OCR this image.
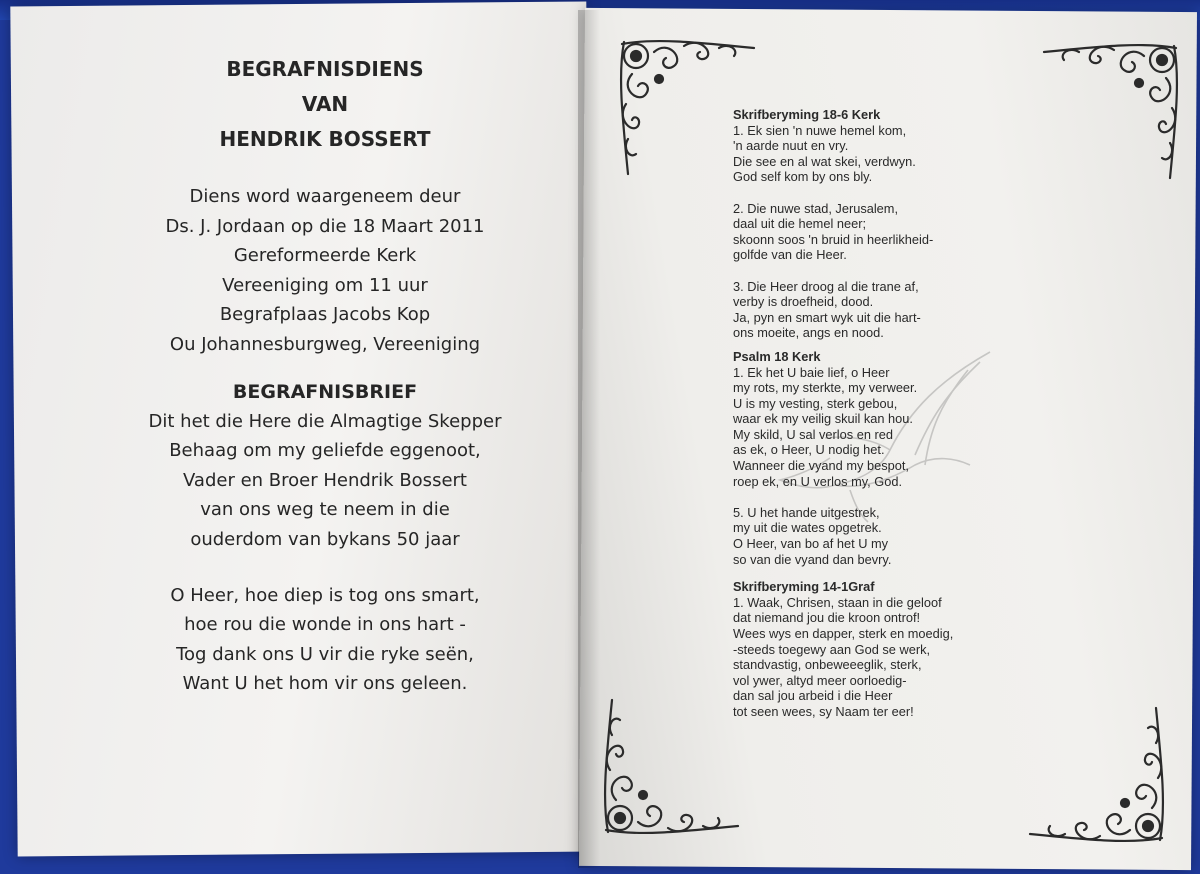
BEGRAFNISDIENS
VAN
HENDRIK BOSSERT
Diens word waargeneem deur
Ds. J. Jordaan op die 18 Maart 2011
Gereformeerde Kerk
Vereeniging om 11 uur
Begrafplaas Jacobs Kop
Ou Johannesburgweg, Vereeniging
BEGRAFNISBRIEF
Dit het die Here die Almagtige Skepper
Behaag om my geliefde eggenoot,
Vader en Broer Hendrik Bossert
van ons weg te neem in die
ouderdom van bykans 50 jaar
O Heer, hoe diep is tog ons smart,
hoe rou die wonde in ons hart -
Tog dank ons U vir die ryke seën,
Want U het hom vir ons geleen.
Skrifberyming 18-6 Kerk
1. Ek sien 'n nuwe hemel kom,
'n aarde nuut en vry.
Die see en al wat skei, verdwyn.
God self kom by ons bly.
2. Die nuwe stad, Jerusalem,
daal uit die hemel neer;
skoonn soos 'n bruid in heerlikheid-
golfde van die Heer.
3. Die Heer droog al die trane af,
verby is droefheid, dood.
Ja, pyn en smart wyk uit die hart-
ons moeite, angs en nood.
Psalm 18 Kerk
1. Ek het U baie lief, o Heer
my rots, my sterkte, my verweer.
U is my vesting, sterk gebou,
waar ek my veilig skuil kan hou.
My skild, U sal verlos en red
as ek, o Heer, U nodig het.
Wanneer die vyand my bespot,
roep ek, en U verlos my, God.
5. U het hande uitgestrek,
my uit die wates opgetrek.
O Heer, van bo af het U my
so van die vyand dan bevry.
Skrifberyming 14-1Graf
1. Waak, Chrisen, staan in die geloof
dat niemand jou die kroon ontrof!
Wees wys en dapper, sterk en moedig,
-steeds toegewy aan God se werk,
standvastig, onbeweeeglik, sterk,
vol ywer, altyd meer oorloedig-
dan sal jou arbeid i die Heer
tot seen wees, sy Naam ter eer!
